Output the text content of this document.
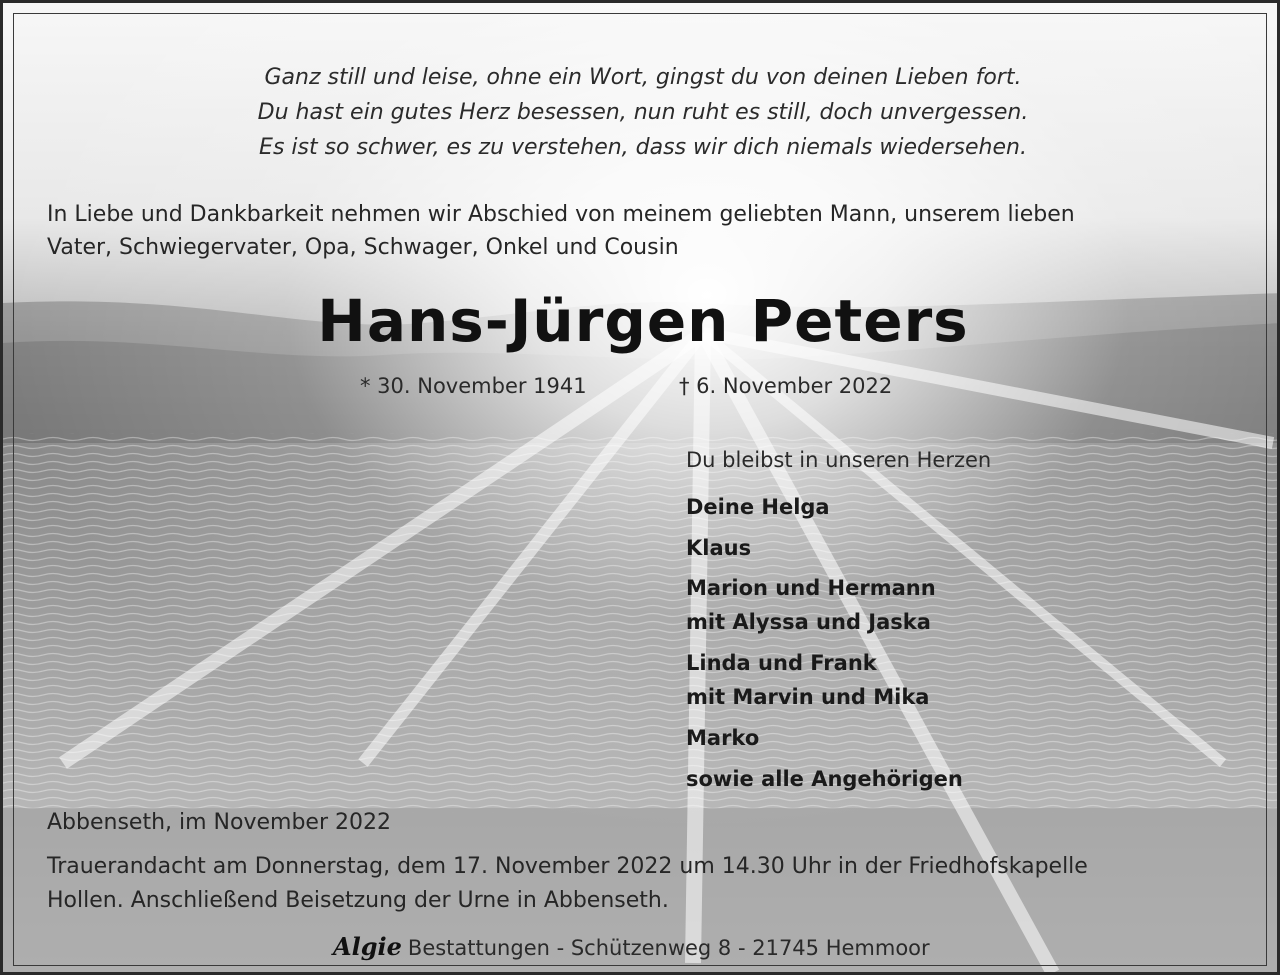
Ganz still und leise, ohne ein Wort, gingst du von deinen Lieben fort.
Du hast ein gutes Herz besessen, nun ruht es still, doch unvergessen.
Es ist so schwer, es zu verstehen, dass wir dich niemals wiedersehen.
In Liebe und Dankbarkeit nehmen wir Abschied von meinem geliebten Mann, unserem lieben
Vater, Schwiegervater, Opa, Schwager, Onkel und Cousin
Hans-Jürgen Peters
* 30. November 1941	† 6. November 2022
Du bleibst in unseren Herzen
Deine Helga
Klaus
Marion und Hermann
mit Alyssa und Jaska
Linda und Frank
mit Marvin und Mika
Marko
sowie alle Angehörigen
Abbenseth, im November 2022
Trauerandacht am Donnerstag, dem 17. November 2022 um 14.30 Uhr in der Friedhofskapelle
Hollen. Anschließend Beisetzung der Urne in Abbenseth.
Algie Bestattungen - Schützenweg 8 - 21745 Hemmoor
